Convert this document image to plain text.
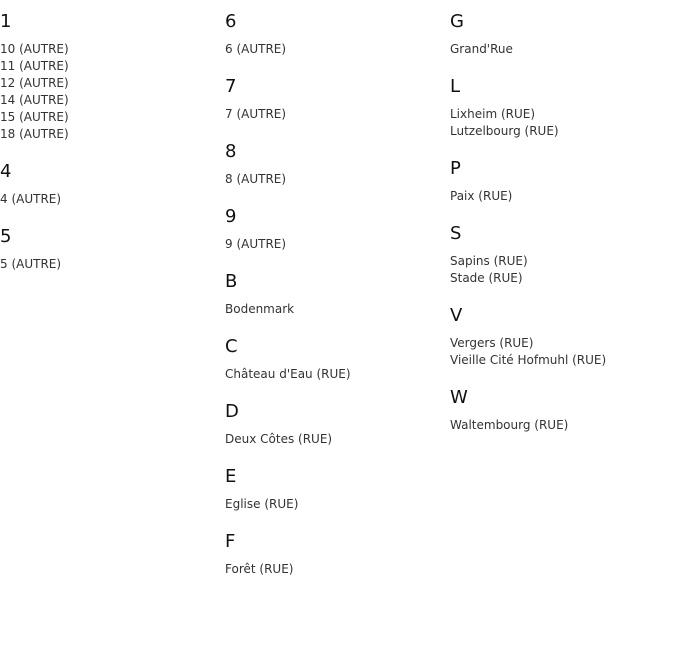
1
10 (AUTRE)
11 (AUTRE)
12 (AUTRE)
14 (AUTRE)
15 (AUTRE)
18 (AUTRE)
4
4 (AUTRE)
5
5 (AUTRE)
6
6 (AUTRE)
7
7 (AUTRE)
8
8 (AUTRE)
9
9 (AUTRE)
B
Bodenmark
C
Château d'Eau (RUE)
D
Deux Côtes (RUE)
E
Eglise (RUE)
F
Forêt (RUE)
G
Grand'Rue
L
Lixheim (RUE)
Lutzelbourg (RUE)
P
Paix (RUE)
S
Sapins (RUE)
Stade (RUE)
V
Vergers (RUE)
Vieille Cité Hofmuhl (RUE)
W
Waltembourg (RUE)
